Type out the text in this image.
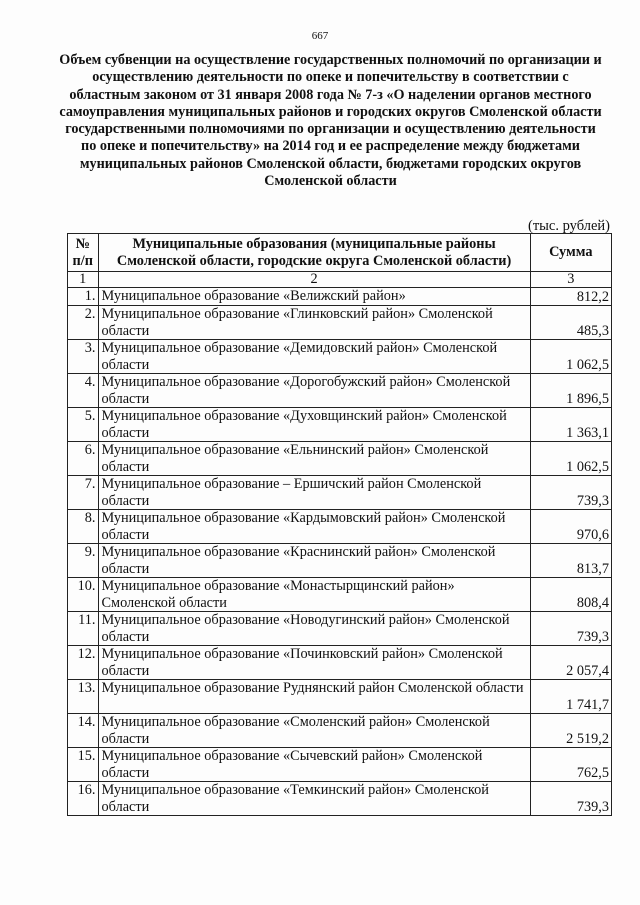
667
Объем субвенции на осуществление государственных полномочий по организации и осуществлению деятельности по опеке и попечительству в соответствии с областным законом от 31 января 2008 года № 7-з «О наделении органов местного самоуправления муниципальных районов и городских округов Смоленской области государственными полномочиями по организации и осуществлению деятельности по опеке и попечительству» на 2014 год и ее распределение между бюджетами муниципальных районов Смоленской области, бюджетами городских округов Смоленской области
(тыс. рублей)
№ п/п	Муниципальные образования (муниципальные районы Смоленской области, городские округа Смоленской области)	Сумма
1	2	3
1.	Муниципальное образование «Велижский район»	812,2
2.	Муниципальное образование «Глинковский район» Смоленской области	485,3
3.	Муниципальное образование «Демидовский район» Смоленской области	1 062,5
4.	Муниципальное образование «Дорогобужский район» Смоленской области	1 896,5
5.	Муниципальное образование «Духовщинский район» Смоленской области	1 363,1
6.	Муниципальное образование «Ельнинский район» Смоленской области	1 062,5
7.	Муниципальное образование – Ершичский район Смоленской области	739,3
8.	Муниципальное образование «Кардымовский район» Смоленской области	970,6
9.	Муниципальное образование «Краснинский район» Смоленской области	813,7
10.	Муниципальное образование «Монастырщинский район» Смоленской области	808,4
11.	Муниципальное образование «Новодугинский район» Смоленской области	739,3
12.	Муниципальное образование «Починковский район» Смоленской области	2 057,4
13.	Муниципальное образование Руднянский район Смоленской области	1 741,7
14.	Муниципальное образование «Смоленский район» Смоленской области	2 519,2
15.	Муниципальное образование «Сычевский район» Смоленской области	762,5
16.	Муниципальное образование «Темкинский район» Смоленской области	739,3
